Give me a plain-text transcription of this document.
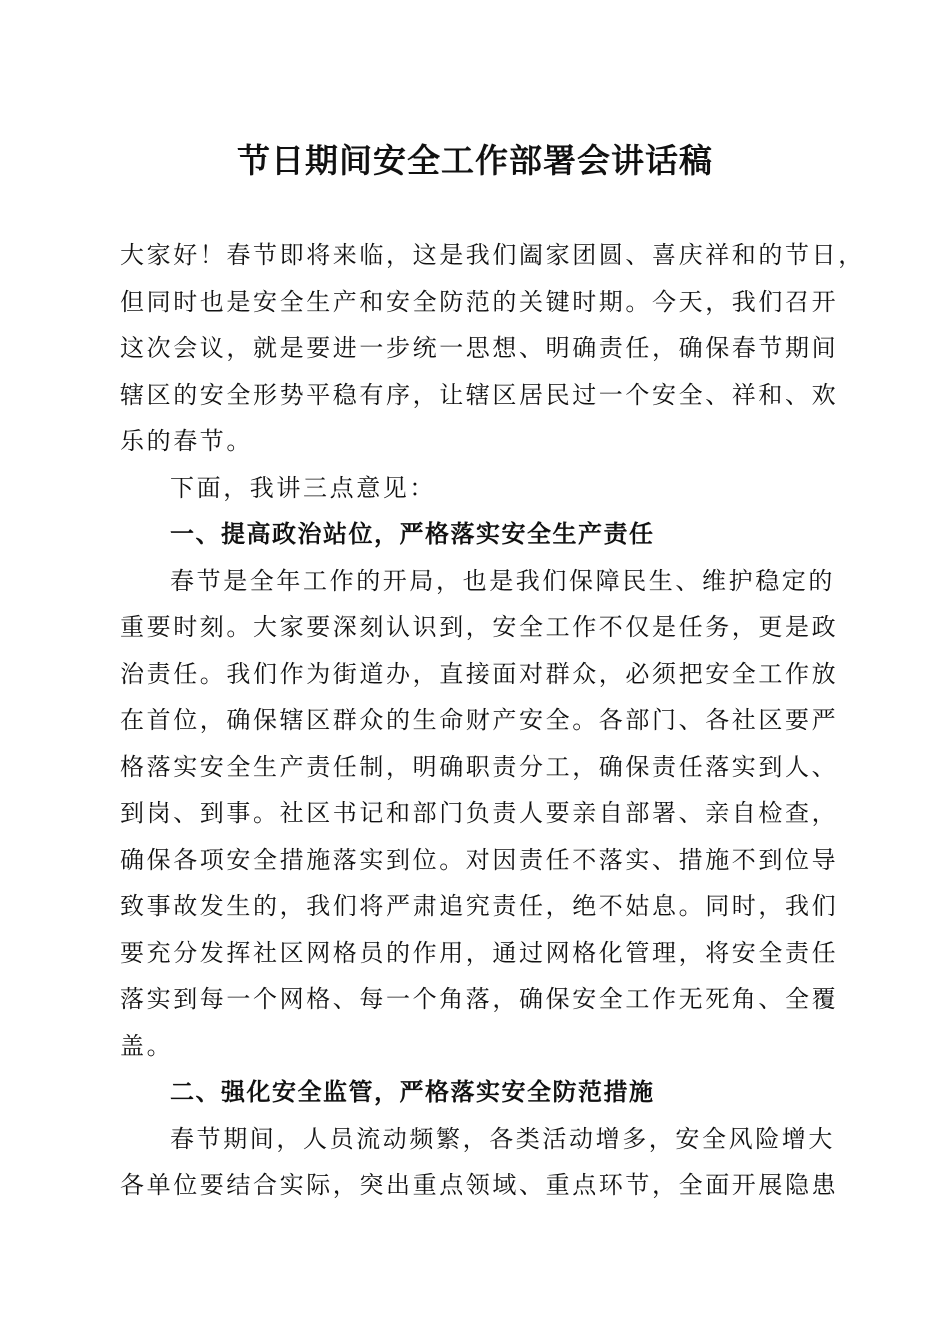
节日期间安全工作部署会讲话稿

大家好！春节即将来临，这是我们阖家团圆、喜庆祥和的节日，
但同时也是安全生产和安全防范的关键时期。今天，我们召开
这次会议，就是要进一步统一思想、明确责任，确保春节期间
辖区的安全形势平稳有序，让辖区居民过一个安全、祥和、欢
乐的春节。

下面，我讲三点意见：

一、提高政治站位，严格落实安全生产责任

春节是全年工作的开局，也是我们保障民生、维护稳定的
重要时刻。大家要深刻认识到，安全工作不仅是任务，更是政
治责任。我们作为街道办，直接面对群众，必须把安全工作放
在首位，确保辖区群众的生命财产安全。各部门、各社区要严
格落实安全生产责任制，明确职责分工，确保责任落实到人、
到岗、到事。社区书记和部门负责人要亲自部署、亲自检查，
确保各项安全措施落实到位。对因责任不落实、措施不到位导
致事故发生的，我们将严肃追究责任，绝不姑息。同时，我们
要充分发挥社区网格员的作用，通过网格化管理，将安全责任
落实到每一个网格、每一个角落，确保安全工作无死角、全覆
盖。

二、强化安全监管，严格落实安全防范措施

春节期间，人员流动频繁，各类活动增多，安全风险增大
各单位要结合实际，突出重点领域、重点环节，全面开展隐患
